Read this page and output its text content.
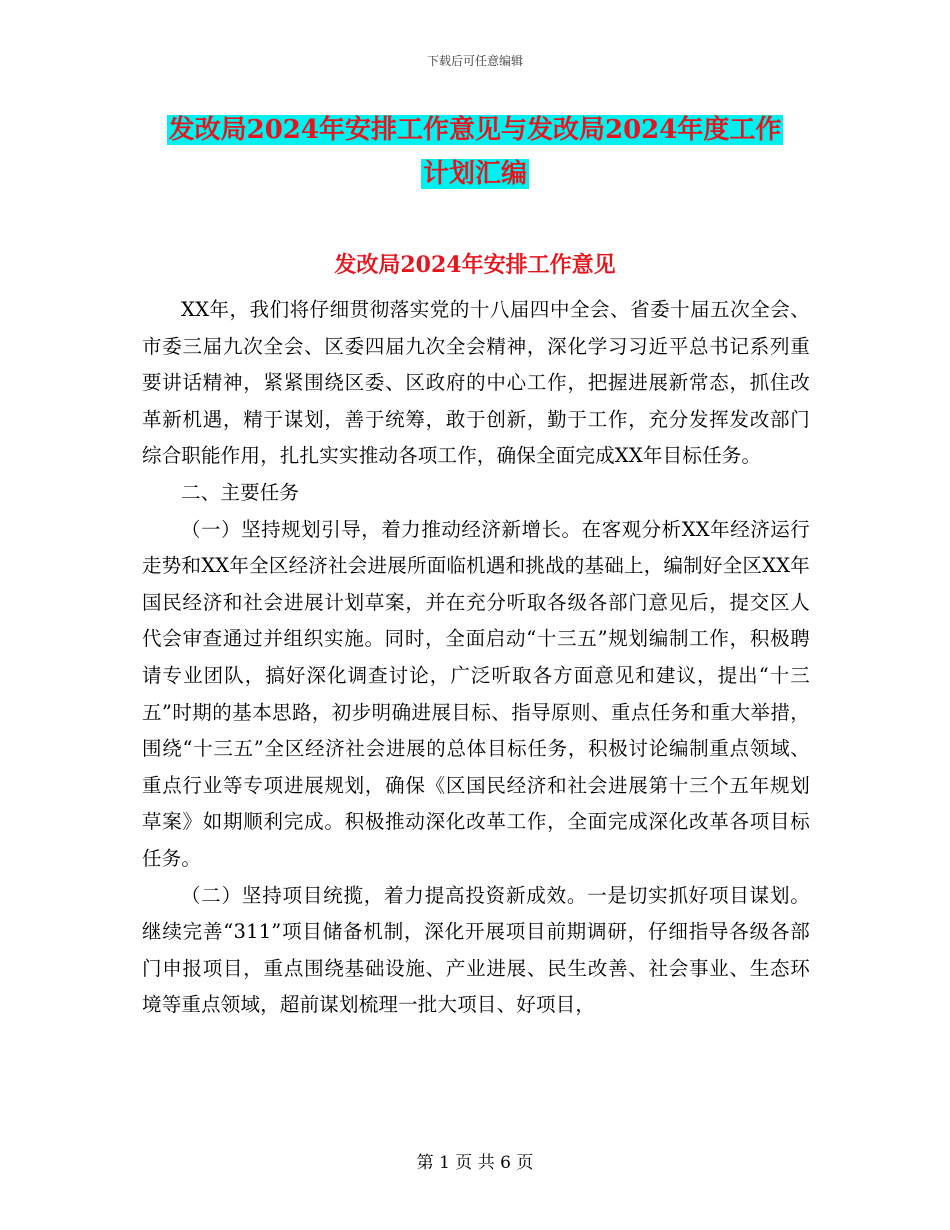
下载后可任意编辑
发改局2024年安排工作意见与发改局2024年度工作
计划汇编
发改局2024年安排工作意见

XX年，我们将仔细贯彻落实党的十八届四中全会、省委十届五次全会、市委三届九次全会、区委四届九次全会精神，深化学习习近平总书记系列重要讲话精神，紧紧围绕区委、区政府的中心工作，把握进展新常态，抓住改革新机遇，精于谋划，善于统筹，敢于创新，勤于工作，充分发挥发改部门综合职能作用，扎扎实实推动各项工作，确保全面完成XX年目标任务。

二、主要任务

（一）坚持规划引导，着力推动经济新增长。在客观分析XX年经济运行走势和XX年全区经济社会进展所面临机遇和挑战的基础上，编制好全区XX年国民经济和社会进展计划草案，并在充分听取各级各部门意见后，提交区人代会审查通过并组织实施。同时，全面启动“十三五”规划编制工作，积极聘请专业团队，搞好深化调查讨论，广泛听取各方面意见和建议，提出“十三五”时期的基本思路，初步明确进展目标、指导原则、重点任务和重大举措，围绕“十三五”全区经济社会进展的总体目标任务，积极讨论编制重点领域、重点行业等专项进展规划，确保《区国民经济和社会进展第十三个五年规划草案》如期顺利完成。积极推动深化改革工作，全面完成深化改革各项目标任务。

（二）坚持项目统揽，着力提高投资新成效。一是切实抓好项目谋划。继续完善“311”项目储备机制，深化开展项目前期调研，仔细指导各级各部门申报项目，重点围绕基础设施、产业进展、民生改善、社会事业、生态环境等重点领域，超前谋划梳理一批大项目、好项目，

第 1 页 共 6 页
